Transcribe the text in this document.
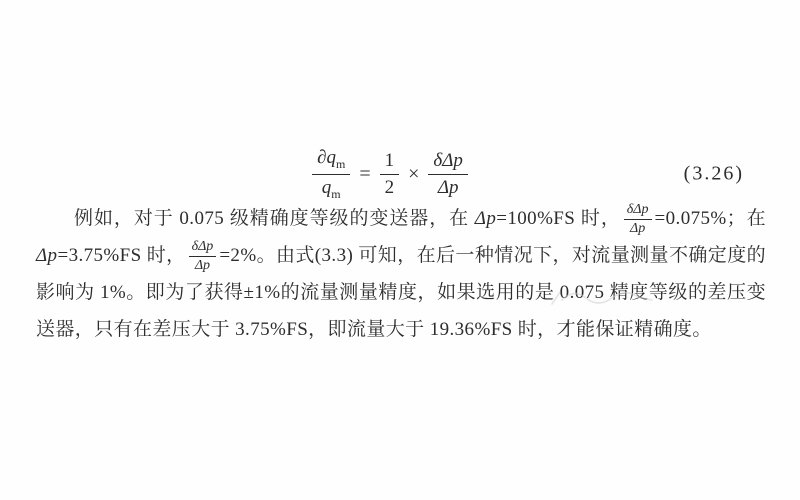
$\frac{\partial q_m}{q_m} = \frac{1}{2} \times \frac{\text{δΔp}}{\Delta p}$	(3.26)

例如，对于 0.075 级精确度等级的变送器，在 Δp=100%FS 时， δΔp
Δp =0.075%；在 Δp=3.75%FS 时， δΔp
Δp =2%。由式(3.3) 可知，在后一种情况下，对流量测量不确定度的影响为 1%。即为了获得±1%的流量测量精度，如果选用的是 0.075 精度等级的差压变送器，只有在差压大于 3.75%FS，即流量大于 19.36%FS 时，才能保证精确度。
